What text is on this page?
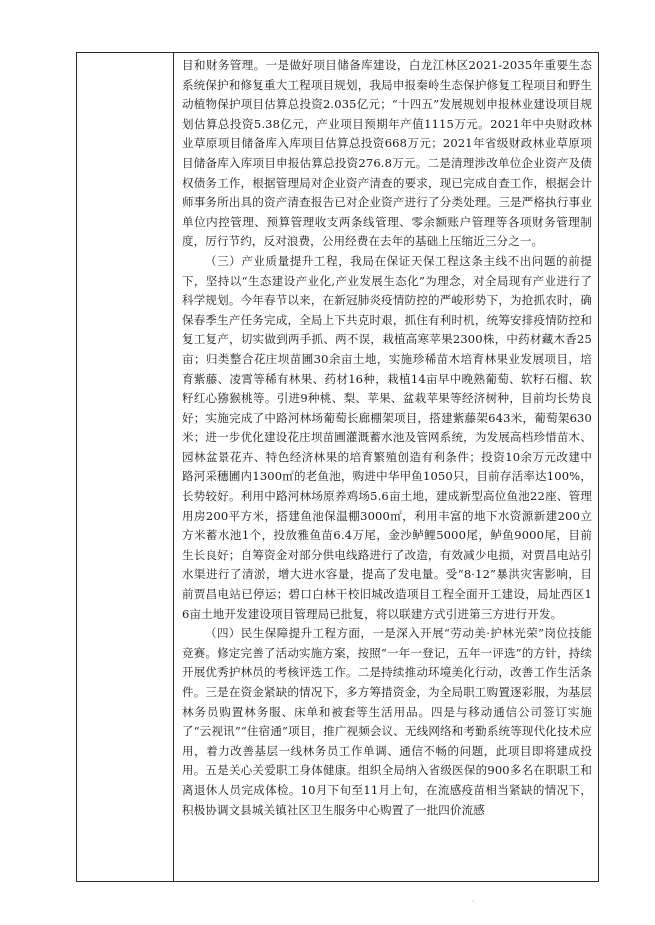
目和财务管理。一是做好项目储备库建设，白龙江林区2021-2035年重要生态系统保护和修复重大工程项目规划，我局申报秦岭生态保护修复工程项目和野生动植物保护项目估算总投资2.035亿元；“十四五”发展规划申报林业建设项目规划估算总投资5.38亿元，产业项目预期年产值1115万元。2021年中央财政林业草原项目储备库入库项目估算总投资668万元；2021年省级财政林业草原项目储备库入库项目申报估算总投资276.8万元。二是清理涉改单位企业资产及债权债务工作，根据管理局对企业资产清查的要求，现已完成自查工作，根据会计师事务所出具的资产清查报告已对企业资产进行了分类处理。三是严格执行事业单位内控管理、预算管理收支两条线管理、零余额账户管理等各项财务管理制度，厉行节约，反对浪费，公用经费在去年的基础上压缩近三分之一。

（三）产业质量提升工程，我局在保证天保工程这条主线不出问题的前提下，坚持以“生态建设产业化,产业发展生态化”为理念，对全局现有产业进行了科学规划。今年春节以来，在新冠肺炎疫情防控的严峻形势下，为抢抓农时，确保春季生产任务完成，全局上下共克时艰，抓住有利时机，统筹安排疫情防控和复工复产，切实做到两手抓、两不误，栽植高寒苹果2300株，中药材藏木香25亩；归类整合花庄坝苗圃30余亩土地，实施珍稀苗木培育林果业发展项目，培育紫藤、凌霄等稀有林果、药材16种，栽植14亩早中晚熟葡萄、软籽石榴、软籽红心猕猴桃等。引进9种桃、梨、苹果、盆栽苹果等经济树种，目前均长势良好；实施完成了中路河林场葡萄长廊棚架项目，搭建紫藤架643米，葡萄架630米；进一步优化建设花庄坝苗圃灌溉蓄水池及管网系统，为发展高档珍惜苗木、园林盆景花卉、特色经济林果的培育繁殖创造有利条件；投资10余万元改建中路河采穗圃内1300㎡的老鱼池，购进中华甲鱼1050只，目前存活率达100%，长势较好。利用中路河林场原养鸡场5.6亩土地，建成新型高位鱼池22座、管理用房200平方米，搭建鱼池保温棚3000㎡，利用丰富的地下水资源新建200立方米蓄水池1个，投放雅鱼苗6.4万尾，金沙鲈鲤5000尾，鲈鱼9000尾，目前生长良好；自筹资金对部分供电线路进行了改造，有效减少电损，对贾昌电站引水渠进行了清淤，增大进水容量，提高了发电量。受“8·12”暴洪灾害影响，目前贾昌电站已停运；碧口白林干校旧城改造项目工程全面开工建设，局址西区16亩土地开发建设项目管理局已批复，将以联建方式引进第三方进行开发。

（四）民生保障提升工程方面，一是深入开展“劳动美·护林光荣”岗位技能竞赛。修定完善了活动实施方案，按照“一年一登记，五年一评选”的方针，持续开展优秀护林员的考核评选工作。二是持续推动环境美化行动，改善工作生活条件。三是在资金紧缺的情况下，多方筹措资金，为全局职工购置逐彩服，为基层林务员购置林务服、床单和被套等生活用品。四是与移动通信公司签订实施了“云视讯”“住宿通”项目，推广视频会议、无线网络和考勤系统等现代化技术应用，着力改善基层一线林务员工作单调、通信不畅的问题，此项目即将建成投用。五是关心关爱职工身体健康。组织全局纳入省级医保的900多名在职职工和离退休人员完成体检。10月下旬至11月上旬，在流感疫苗相当紧缺的情况下，积极协调文县城关镇社区卫生服务中心购置了一批四价流感

·
